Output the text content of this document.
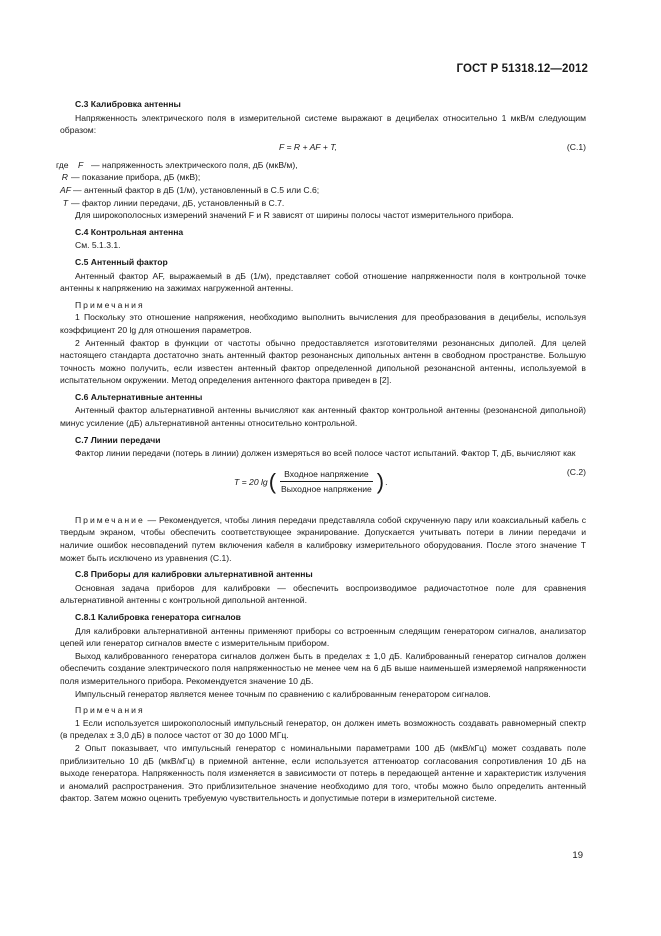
ГОСТ Р 51318.12—2012
С.3 Калибровка антенны

Напряженность электрического поля в измерительной системе выражают в децибелах относительно 1 мкВ/м следующим образом:

F = R + AF + T,	(С.1)
где	F — напряженность электрического поля, дБ (мкВ/м),
R — показание прибора, дБ (мкВ);
AF — антенный фактор в дБ (1/м), установленный в С.5 или С.6;
T — фактор линии передачи, дБ, установленный в С.7.

Для широкополосных измерений значений F и R зависят от ширины полосы частот измерительного прибора.

С.4 Контрольная антенна

См. 5.1.3.1.

С.5 Антенный фактор

Антенный фактор AF, выражаемый в дБ (1/м), представляет собой отношение напряженности поля в контрольной точке антенны к напряжению на зажимах нагруженной антенны.

Примечания

1 Поскольку это отношение напряжения, необходимо выполнить вычисления для преобразования в децибелы, используя коэффициент 20 lg для отношения параметров.

2 Антенный фактор в функции от частоты обычно предоставляется изготовителями резонансных диполей. Для целей настоящего стандарта достаточно знать антенный фактор резонансных дипольных антенн в свободном пространстве. Большую точность можно получить, если известен антенный фактор определенной дипольной резонансной антенны, используемой в испытательном окружении. Метод определения антенного фактора приведен в [2].

С.6 Альтернативные антенны

Антенный фактор альтернативной антенны вычисляют как антенный фактор контрольной антенны (резонансной дипольной) минус усиление (дБ) альтернативной антенны относительно контрольной.

С.7 Линии передачи

Фактор линии передачи (потерь в линии) должен измеряться во всей полосе частот испытаний. Фактор T, дБ, вычисляют как

T = 20 lg ( $\frac{\text{Входное напряжение}}{\text{Выходное напряжение}}$ ) .
(С.2)

Примечание — Рекомендуется, чтобы линия передачи представляла собой скрученную пару или коаксиальный кабель с твердым экраном, чтобы обеспечить соответствующее экранирование. Допускается учитывать потери в линии передачи и наличие ошибок несовпадений путем включения кабеля в калибровку измерительного оборудования. После этого значение T может быть исключено из уравнения (С.1).

С.8 Приборы для калибровки альтернативной антенны

Основная задача приборов для калибровки — обеспечить воспроизводимое радиочастотное поле для сравнения альтернативной антенны с контрольной дипольной антенной.

С.8.1 Калибровка генератора сигналов

Для калибровки альтернативной антенны применяют приборы со встроенным следящим генератором сигналов, анализатор цепей или генератор сигналов вместе с измерительным прибором.

Выход калиброванного генератора сигналов должен быть в пределах ± 1,0 дБ. Калиброванный генератор сигналов должен обеспечить создание электрического поля напряженностью не менее чем на 6 дБ выше наименьшей измеряемой напряженности поля измерительного прибора. Рекомендуется значение 10 дБ.

Импульсный генератор является менее точным по сравнению с калиброванным генератором сигналов.

Примечания

1 Если используется широкополосный импульсный генератор, он должен иметь возможность создавать равномерный спектр (в пределах ± 3,0 дБ) в полосе частот от 30 до 1000 МГц.

2 Опыт показывает, что импульсный генератор с номинальными параметрами 100 дБ (мкВ/кГц) может создавать поле приблизительно 10 дБ (мкВ/кГц) в приемной антенне, если используется аттенюатор согласования сопротивления 10 дБ на выходе генератора. Напряженность поля изменяется в зависимости от потерь в передающей антенне и характеристик излучения и аномалий распространения. Это приблизительное значение необходимо для того, чтобы можно было определить антенный фактор. Затем можно оценить требуемую чувствительность и допустимые потери в измерительной системе.

19
